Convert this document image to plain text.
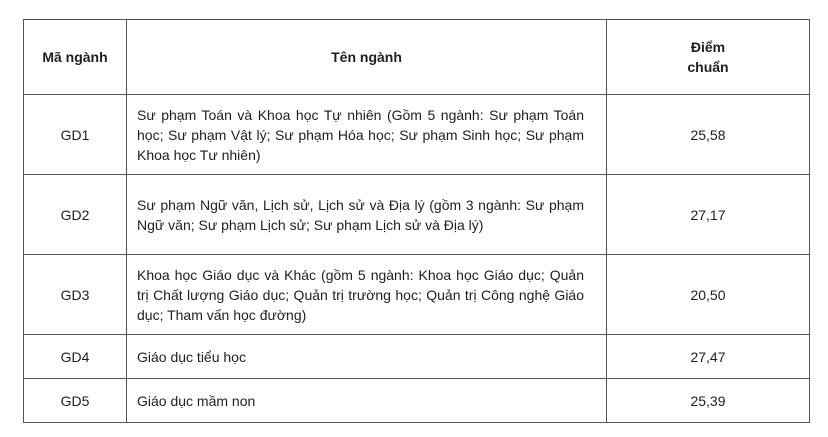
Mã ngành	Tên ngành	Điểm chuẩn
GD1	Sư phạm Toán và Khoa học Tự nhiên (Gồm 5 ngành: Sư phạm Toán học; Sư phạm Vật lý; Sư phạm Hóa học; Sư phạm Sinh học; Sư phạm Khoa học Tư nhiên)	25,58
GD2	Sư phạm Ngữ văn, Lịch sử, Lịch sử và Địa lý (gồm 3 ngành: Sư phạm Ngữ văn; Sư phạm Lịch sử; Sư phạm Lịch sử và Địa lý)	27,17
GD3	Khoa học Giáo dục và Khác (gồm 5 ngành: Khoa học Giáo dục; Quản trị Chất lượng Giáo dục; Quản trị trường học; Quản trị Công nghệ Giáo dục; Tham vấn học đường)	20,50
GD4	Giáo dục tiểu học	27,47
GD5	Giáo dục mầm non	25,39
